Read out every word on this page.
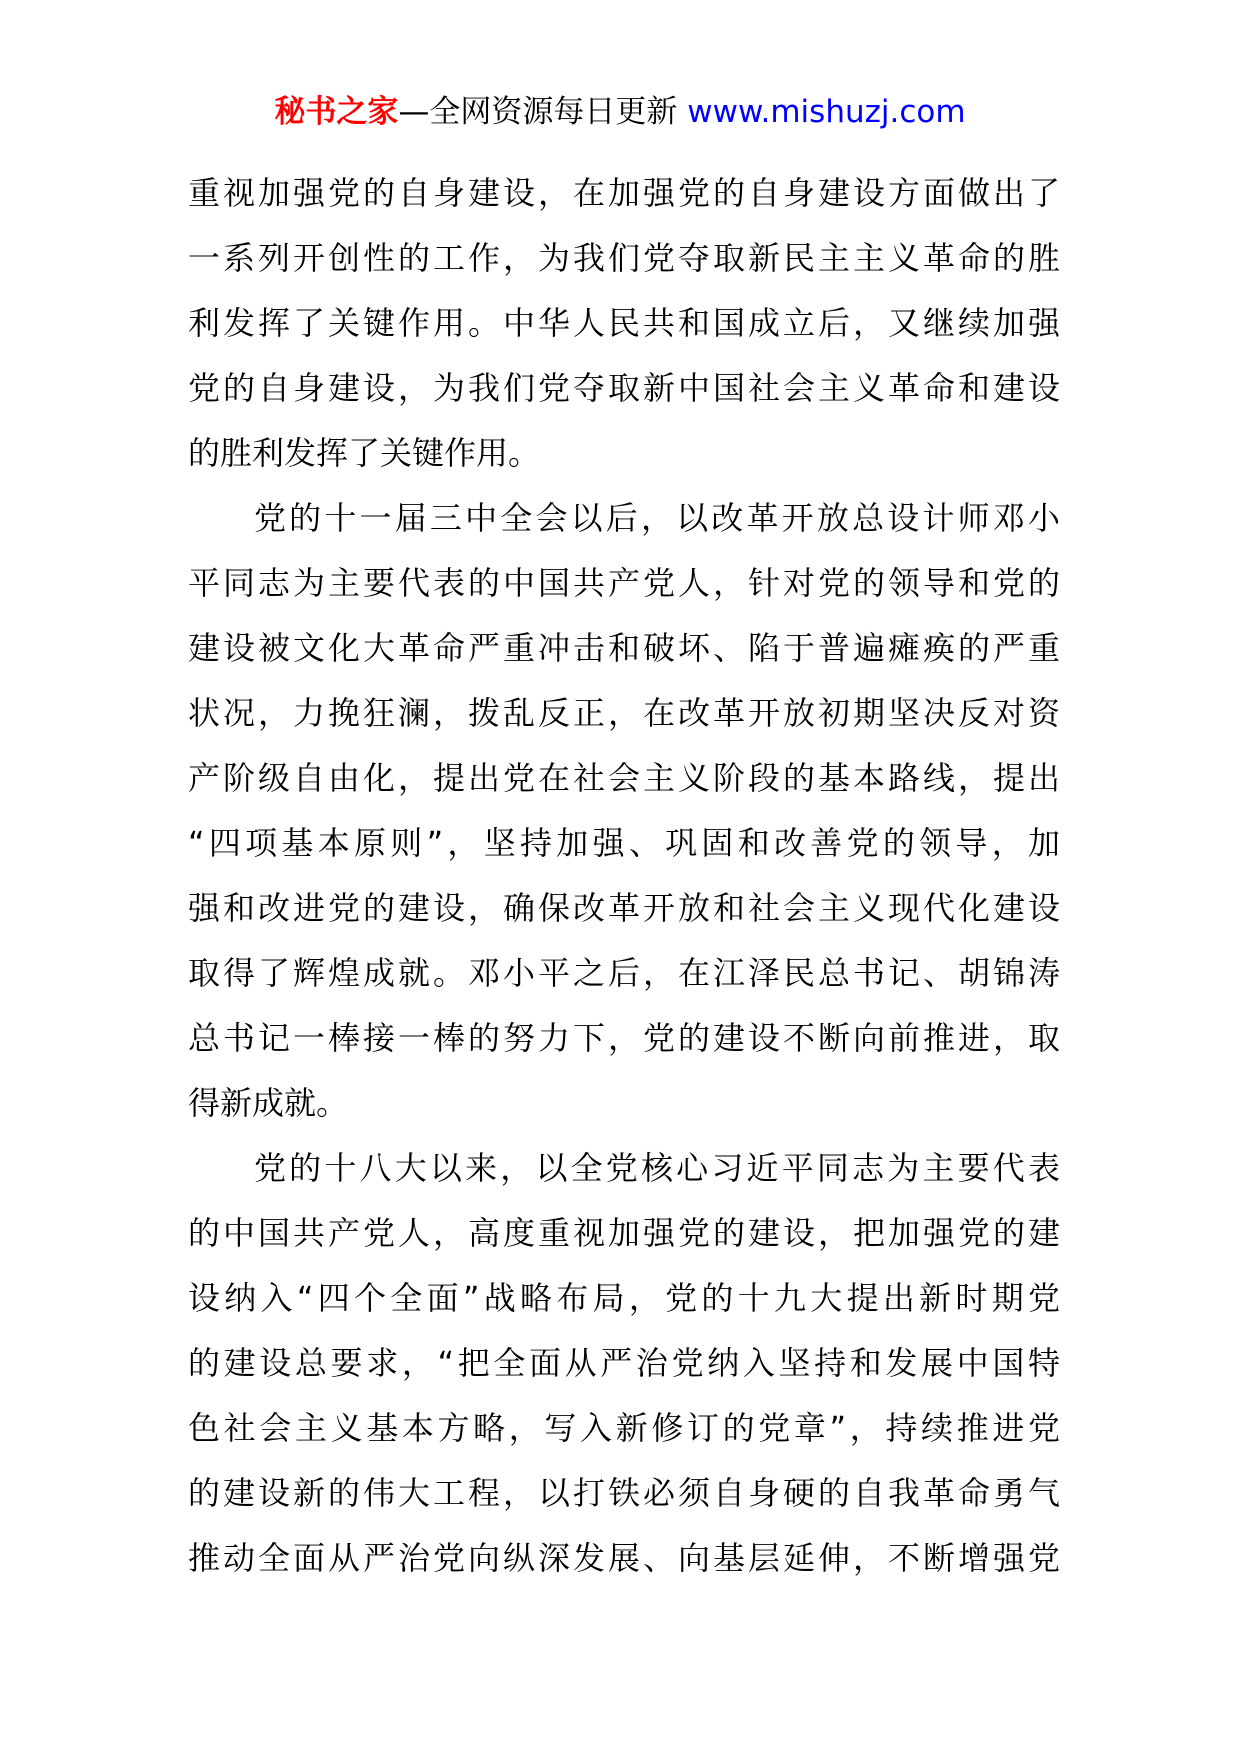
秘书之家—全网资源每日更新 www.mishuzj.com
重视加强党的自身建设，在加强党的自身建设方面做出了
一系列开创性的工作，为我们党夺取新民主主义革命的胜
利发挥了关键作用。中华人民共和国成立后，又继续加强
党的自身建设，为我们党夺取新中国社会主义革命和建设
的胜利发挥了关键作用。
党的十一届三中全会以后，以改革开放总设计师邓小
平同志为主要代表的中国共产党人，针对党的领导和党的
建设被文化大革命严重冲击和破坏、陷于普遍瘫痪的严重
状况，力挽狂澜，拨乱反正，在改革开放初期坚决反对资
产阶级自由化，提出党在社会主义阶段的基本路线，提出
“四项基本原则”，坚持加强、巩固和改善党的领导，加
强和改进党的建设，确保改革开放和社会主义现代化建设
取得了辉煌成就。邓小平之后，在江泽民总书记、胡锦涛
总书记一棒接一棒的努力下，党的建设不断向前推进，取
得新成就。
党的十八大以来，以全党核心习近平同志为主要代表
的中国共产党人，高度重视加强党的建设，把加强党的建
设纳入“四个全面”战略布局，党的十九大提出新时期党
的建设总要求，“把全面从严治党纳入坚持和发展中国特
色社会主义基本方略，写入新修订的党章”，持续推进党
的建设新的伟大工程，以打铁必须自身硬的自我革命勇气
推动全面从严治党向纵深发展、向基层延伸，不断增强党
